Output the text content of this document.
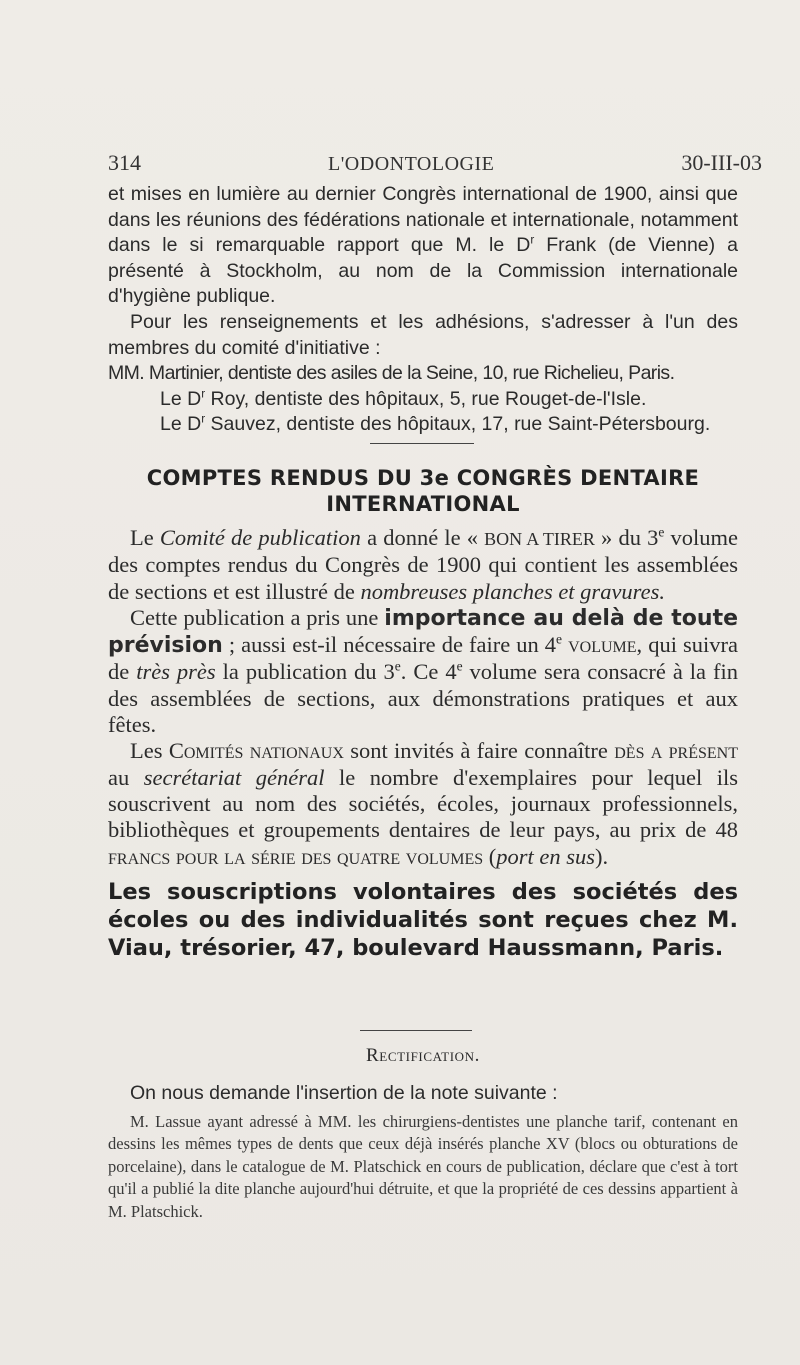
314	L'ODONTOLOGIE	30-III-03

et mises en lumière au dernier Congrès international de 1900, ainsi que dans les réunions des fédérations nationale et internationale, notamment dans le si remarquable rapport que M. le $D^r$ Frank (de Vienne) a présenté à Stockholm, au nom de la Commission internationale d'hygiène publique.

Pour les renseignements et les adhésions, s'adresser à l'un des membres du comité d'initiative :

MM. Martinier, dentiste des asiles de la Seine, 10, rue Richelieu, Paris.

Le $D^r$ Roy, dentiste des hôpitaux, 5, rue Rouget-de-l'Isle.

Le $D^r$ Sauvez, dentiste des hôpitaux, 17, rue Saint-Pétersbourg.

COMPTES RENDUS DU 3e CONGRÈS DENTAIRE
INTERNATIONAL

Le Comité de publication a donné le « BON A TIRER » du 3e volume des comptes rendus du Congrès de 1900 qui contient les assemblées de sections et est illustré de nombreuses planches et gravures.

Cette publication a pris une importance au delà de toute prévision ; aussi est-il nécessaire de faire un 4e volume, qui suivra de très près la publication du 3e. Ce 4e volume sera consacré à la fin des assemblées de sections, aux démonstrations pratiques et aux fêtes.

Les Comités nationaux sont invités à faire connaître dès a présent au secrétariat général le nombre d'exemplaires pour lequel ils souscrivent au nom des sociétés, écoles, journaux professionnels, bibliothèques et groupements dentaires de leur pays, au prix de 48 francs pour la série des quatre volumes (port en sus).

Les souscriptions volontaires des sociétés des écoles ou des individualités sont reçues chez M. Viau, trésorier, 47, boulevard Haussmann, Paris.

Rectification.

On nous demande l'insertion de la note suivante :

M. Lassue ayant adressé à MM. les chirurgiens-dentistes une planche tarif, contenant en dessins les mêmes types de dents que ceux déjà insérés planche XV (blocs ou obturations de porcelaine), dans le catalogue de M. Platschick en cours de publication, déclare que c'est à tort qu'il a publié la dite planche aujourd'hui détruite, et que la propriété de ces dessins appartient à M. Platschick.
